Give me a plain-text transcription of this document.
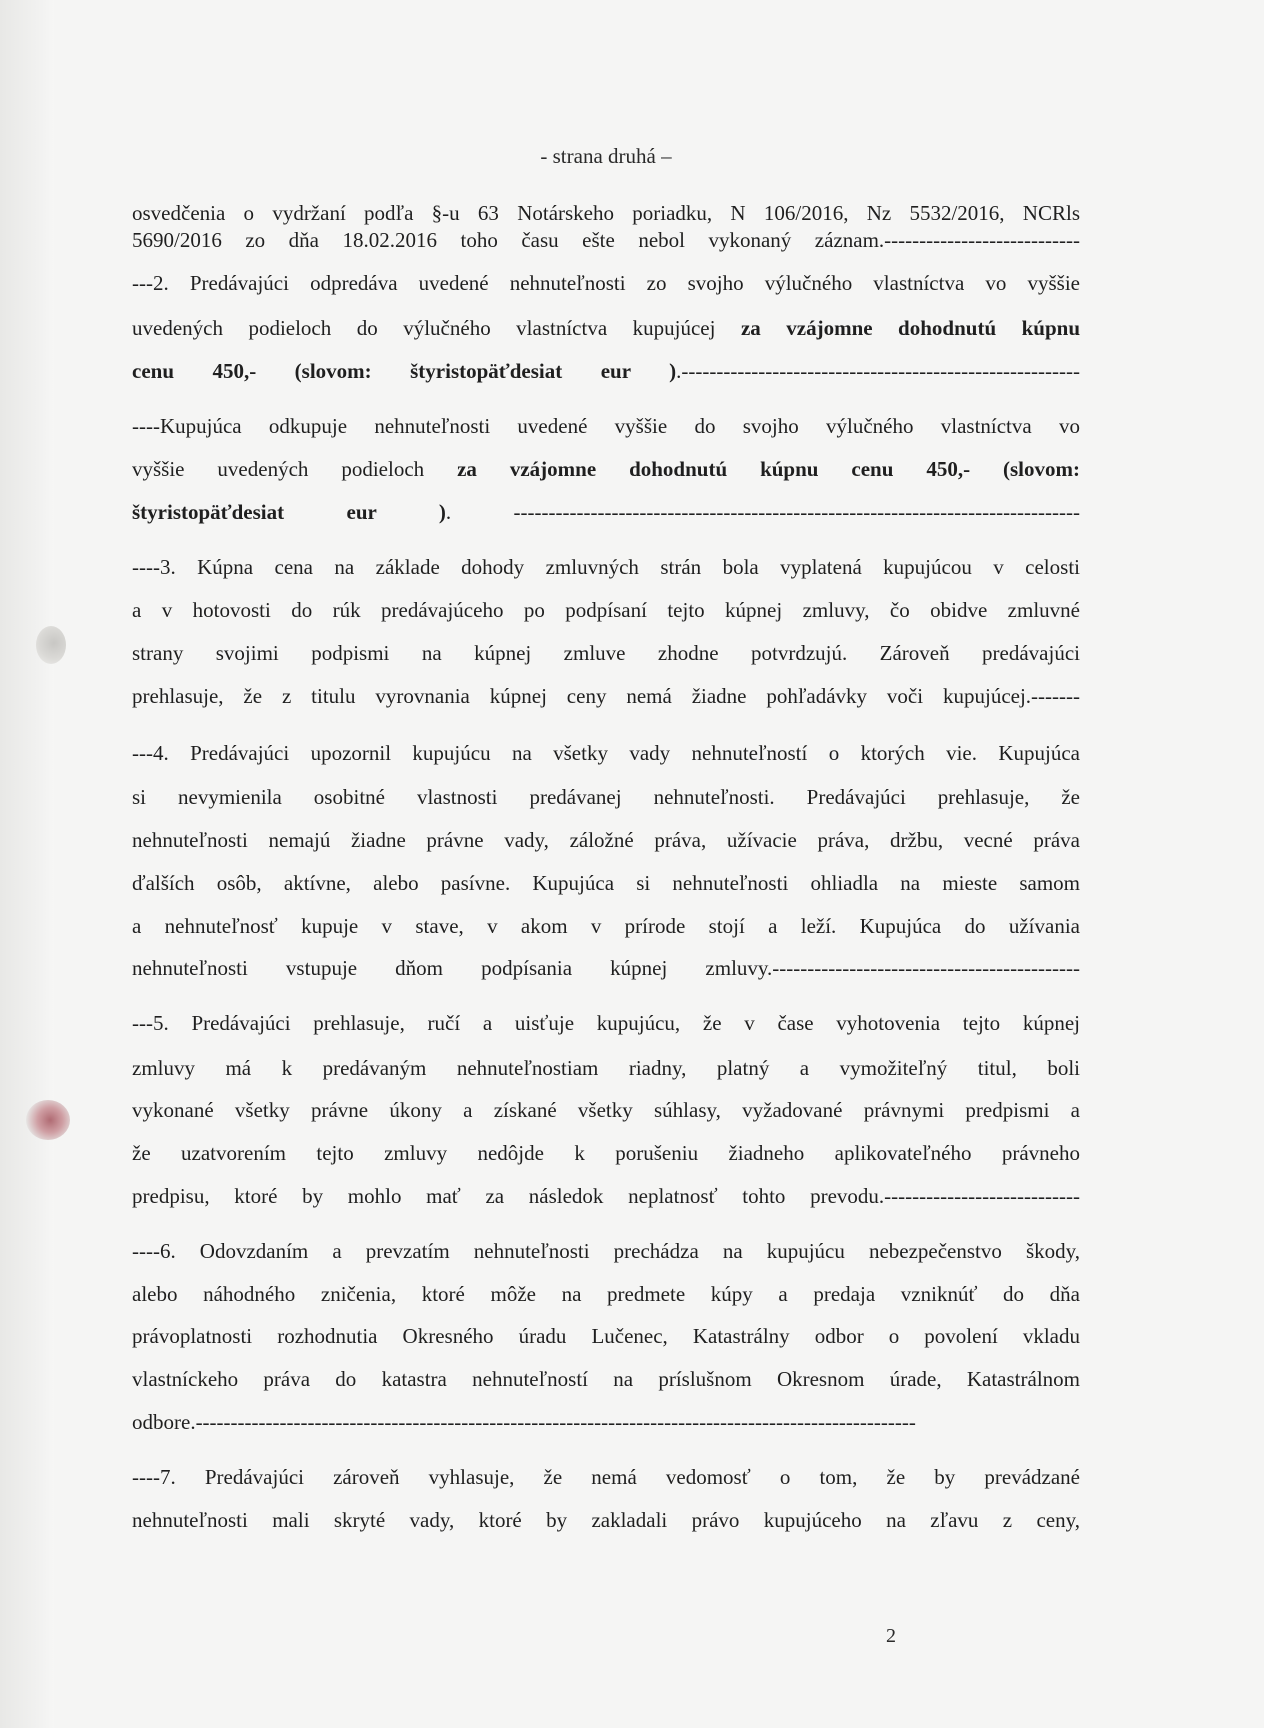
- strana druhá –
osvedčenia o vydržaní podľa §-u 63 Notárskeho poriadku, N 106/2016, Nz 5532/2016, NCRls
5690/2016 zo dňa 18.02.2016 toho času ešte nebol vykonaný záznam.----------------------------
---2. Predávajúci odpredáva uvedené nehnuteľnosti zo svojho výlučného vlastníctva vo vyššie
uvedených podieloch do výlučného vlastníctva kupujúcej za vzájomne dohodnutú kúpnu
cenu 450,- (slovom: štyristopäťdesiat eur ).---------------------------------------------------------
----Kupujúca odkupuje nehnuteľnosti uvedené vyššie do svojho výlučného vlastníctva vo
vyššie uvedených podieloch za vzájomne dohodnutú kúpnu cenu 450,- (slovom:
štyristopäťdesiat eur ). ---------------------------------------------------------------------------------
----3. Kúpna cena na základe dohody zmluvných strán bola vyplatená kupujúcou v celosti
a v hotovosti do rúk predávajúceho po podpísaní tejto kúpnej zmluvy, čo obidve zmluvné
strany svojimi podpismi na kúpnej zmluve zhodne potvrdzujú. Zároveň predávajúci
prehlasuje, že z titulu vyrovnania kúpnej ceny nemá žiadne pohľadávky voči kupujúcej.-------
---4. Predávajúci upozornil kupujúcu na všetky vady nehnuteľností o ktorých vie. Kupujúca
si nevymienila osobitné vlastnosti predávanej nehnuteľnosti. Predávajúci prehlasuje, že
nehnuteľnosti nemajú žiadne právne vady, záložné práva, užívacie práva, držbu, vecné práva
ďalších osôb, aktívne, alebo pasívne. Kupujúca si nehnuteľnosti ohliadla na mieste samom
a nehnuteľnosť kupuje v stave, v akom v prírode stojí a leží. Kupujúca do užívania
nehnuteľnosti vstupuje dňom podpísania kúpnej zmluvy.--------------------------------------------
---5. Predávajúci prehlasuje, ručí a uisťuje kupujúcu, že v čase vyhotovenia tejto kúpnej
zmluvy má k predávaným nehnuteľnostiam riadny, platný a vymožiteľný titul, boli
vykonané všetky právne úkony a získané všetky súhlasy, vyžadované právnymi predpismi a
že uzatvorením tejto zmluvy nedôjde k porušeniu žiadneho aplikovateľného právneho
predpisu, ktoré by mohlo mať za následok neplatnosť tohto prevodu.----------------------------
----6. Odovzdaním a prevzatím nehnuteľnosti prechádza na kupujúcu nebezpečenstvo škody,
alebo náhodného zničenia, ktoré môže na predmete kúpy a predaja vzniknúť do dňa
právoplatnosti rozhodnutia Okresného úradu Lučenec, Katastrálny odbor o povolení vkladu
vlastníckeho práva do katastra nehnuteľností na príslušnom Okresnom úrade, Katastrálnom
odbore.-------------------------------------------------------------------------------------------------------
----7. Predávajúci zároveň vyhlasuje, že nemá vedomosť o tom, že by prevádzané
nehnuteľnosti mali skryté vady, ktoré by zakladali právo kupujúceho na zľavu z ceny,
2
